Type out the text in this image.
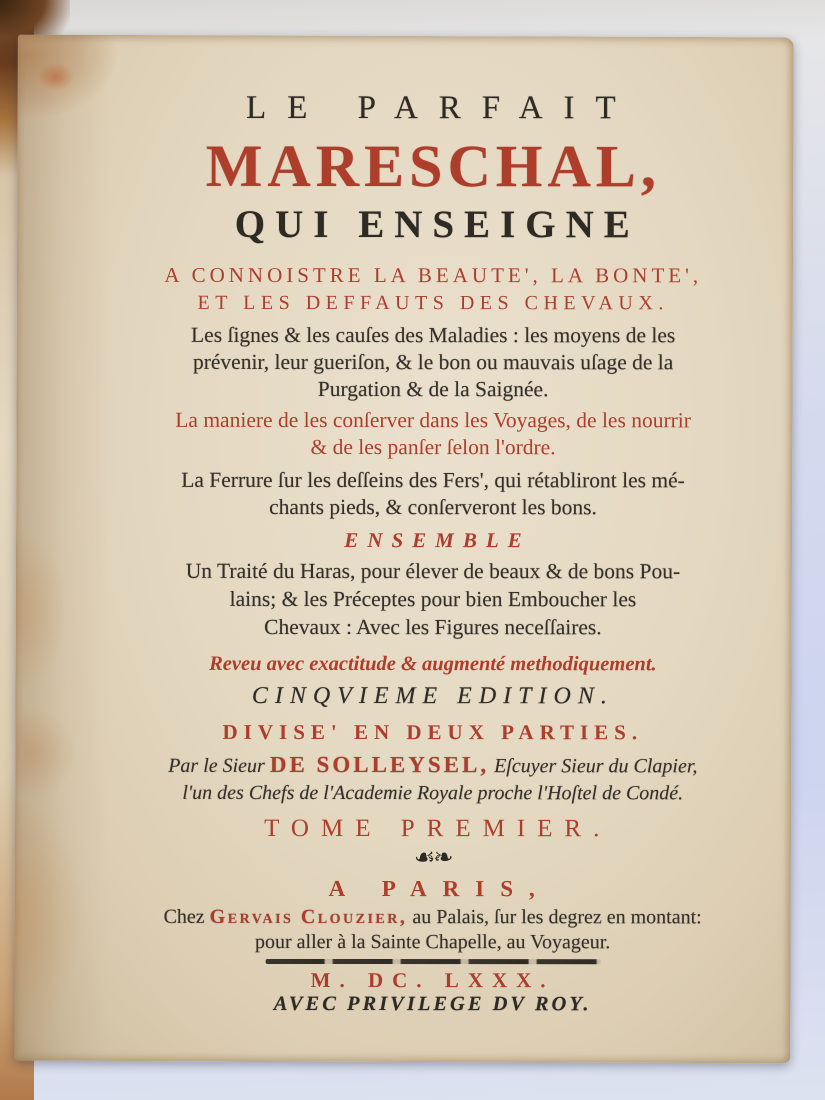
LE PARFAIT
MARESCHAL,
QUI ENSEIGNE
A CONNOISTRE LA BEAUTE', LA BONTE',
ET LES DEFFAUTS DES CHEVAUX.
Les ſignes & les cauſes des Maladies : les moyens de les
prévenir, leur gueriſon, & le bon ou mauvais uſage de la
Purgation & de la Saignée.
La maniere de les conſerver dans les Voyages, de les nourrir
& de les panſer ſelon l'ordre.
La Ferrure ſur les deſſeins des Fers', qui rétabliront les mé-
chants pieds, & conſerveront les bons.
ENSEMBLE
Un Traité du Haras, pour élever de beaux & de bons Pou-
lains; & les Préceptes pour bien Emboucher les
Chevaux : Avec les Figures neceſſaires.
Reveu avec exactitude & augmenté methodiquement.
CINQVIEME EDITION.
DIVISE' EN DEUX PARTIES.
Par le Sieur DE SOLLEYSEL, Eſcuyer Sieur du Clapier,
l'un des Chefs de l'Academie Royale proche l'Hoſtel de Condé.
TOME PREMIER.
☙❧
A PARIS,
Chez Gervais Clouzier, au Palais, ſur les degrez en montant:
pour aller à la Sainte Chapelle, au Voyageur.
M. DC. LXXX.
AVEC PRIVILEGE DV ROY.
